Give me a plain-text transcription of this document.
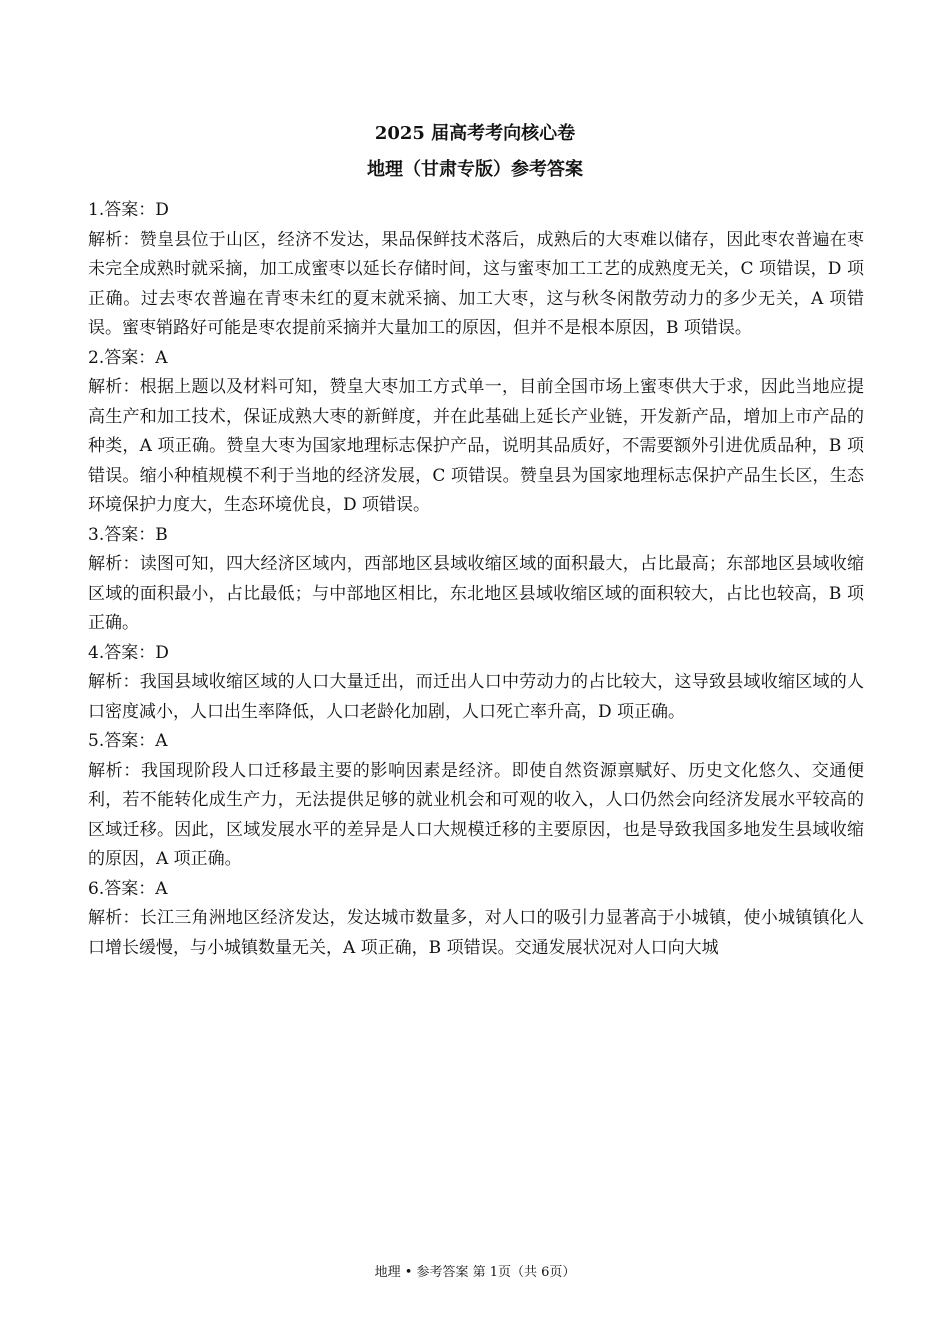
2025 届高考考向核心卷
地理（甘肃专版）参考答案

1.答案：D

解析：赞皇县位于山区，经济不发达，果品保鲜技术落后，成熟后的大枣难以储存，因此枣农普遍在枣未完全成熟时就采摘，加工成蜜枣以延长存储时间，这与蜜枣加工工艺的成熟度无关，C 项错误，D 项正确。过去枣农普遍在青枣未红的夏末就采摘、加工大枣，这与秋冬闲散劳动力的多少无关，A 项错误。蜜枣销路好可能是枣农提前采摘并大量加工的原因，但并不是根本原因，B 项错误。

2.答案：A

解析：根据上题以及材料可知，赞皇大枣加工方式单一，目前全国市场上蜜枣供大于求，因此当地应提高生产和加工技术，保证成熟大枣的新鲜度，并在此基础上延长产业链，开发新产品，增加上市产品的种类，A 项正确。赞皇大枣为国家地理标志保护产品，说明其品质好，不需要额外引进优质品种，B 项错误。缩小种植规模不利于当地的经济发展，C 项错误。赞皇县为国家地理标志保护产品生长区，生态环境保护力度大，生态环境优良，D 项错误。

3.答案：B

解析：读图可知，四大经济区域内，西部地区县域收缩区域的面积最大，占比最高；东部地区县域收缩区域的面积最小，占比最低；与中部地区相比，东北地区县域收缩区域的面积较大，占比也较高，B 项正确。

4.答案：D

解析：我国县域收缩区域的人口大量迁出，而迁出人口中劳动力的占比较大，这导致县域收缩区域的人口密度减小，人口出生率降低，人口老龄化加剧，人口死亡率升高，D 项正确。

5.答案：A

解析：我国现阶段人口迁移最主要的影响因素是经济。即使自然资源禀赋好、历史文化悠久、交通便利，若不能转化成生产力，无法提供足够的就业机会和可观的收入，人口仍然会向经济发展水平较高的区域迁移。因此，区域发展水平的差异是人口大规模迁移的主要原因，也是导致我国多地发生县域收缩的原因，A 项正确。

6.答案：A

解析：长江三角洲地区经济发达，发达城市数量多，对人口的吸引力显著高于小城镇，使小城镇镇化人口增长缓慢，与小城镇数量无关，A 项正确，B 项错误。交通发展状况对人口向大城

地理 • 参考答案 第 1页（共 6页）
